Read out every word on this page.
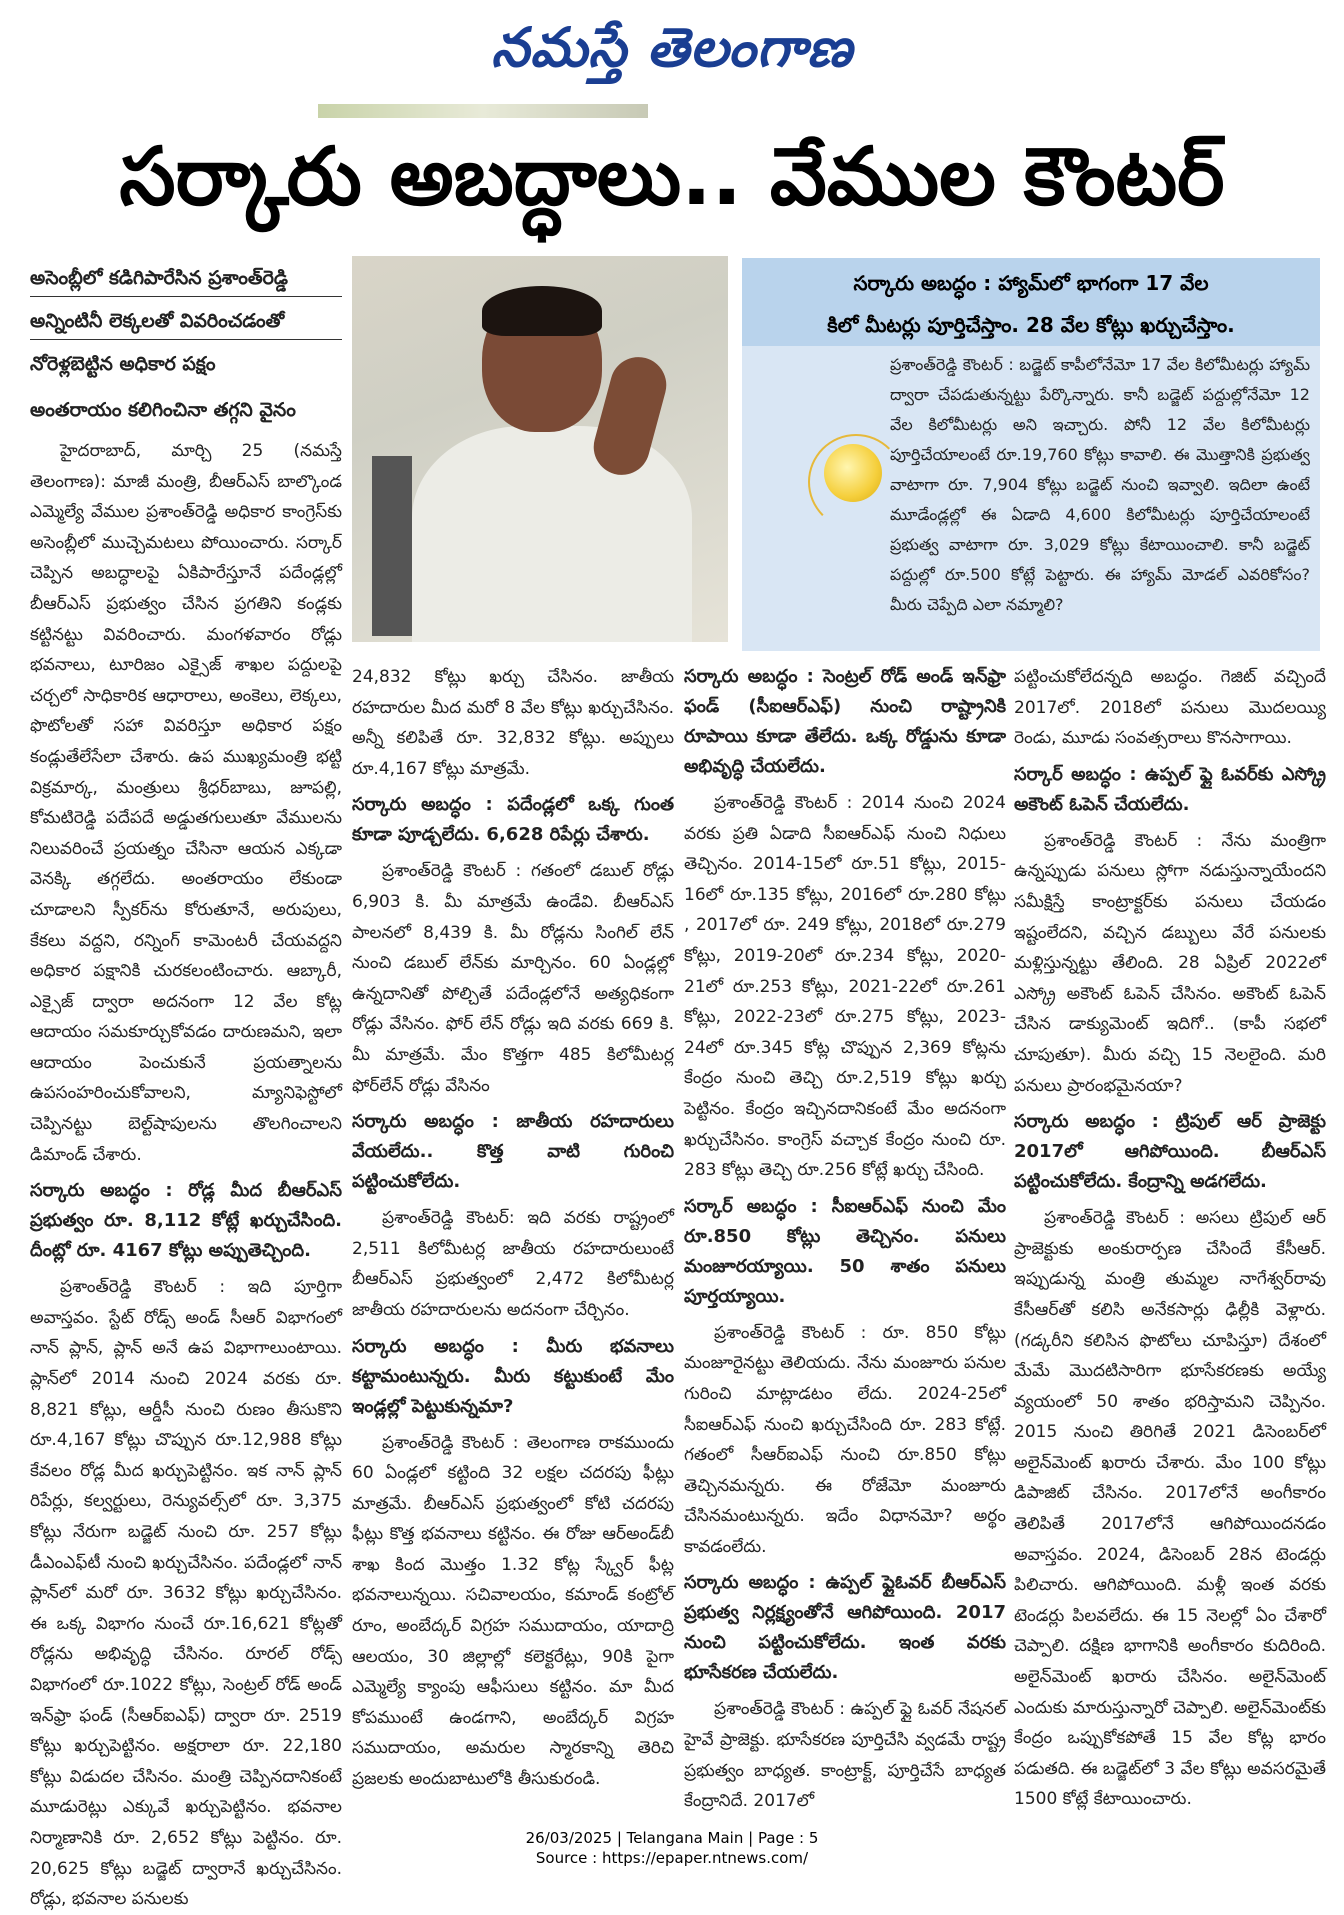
నమస్తే తెలంగాణ
సర్కారు అబద్ధాలు.. వేముల కౌంటర్

అసెంబ్లీలో కడిగిపారేసిన ప్రశాంత్‌రెడ్డి

అన్నింటినీ లెక్కలతో వివరించడంతో

నోరెళ్లబెట్టిన అధికార పక్షం

అంతరాయం కలిగించినా తగ్గని వైనం

హైదరాబాద్‌, మార్చి 25 (నమస్తే తెలంగాణ): మాజీ మంత్రి, బీఆర్‌ఎస్‌ బాల్కొండ ఎమ్మెల్యే వేముల ప్రశాంత్‌రెడ్డి అధికార కాంగ్రెస్‌కు అసెంబ్లీలో ముచ్చెమటలు పోయించారు. సర్కార్‌ చెప్పిన అబద్ధాలపై ఏకిపారేస్తూనే పదేండ్లల్లో బీఆర్‌ఎస్‌ ప్రభుత్వం చేసిన ప్రగతిని కండ్లకు కట్టినట్టు వివరించారు. మంగళవారం రోడ్లు భవనాలు, టూరిజం ఎక్సైజ్‌ శాఖల పద్దులపై చర్చలో సాధికారిక ఆధారాలు, అంకెలు, లెక్కలు, ఫొటోలతో సహా వివరిస్తూ అధికార పక్షం కండ్లుతేలేసేలా చేశారు. ఉప ముఖ్యమంత్రి భట్టి విక్రమార్క, మంత్రులు శ్రీధర్‌బాబు, జూపల్లి, కోమటిరెడ్డి పదేపదే అడ్డుతగులుతూ వేములను నిలువరించే ప్రయత్నం చేసినా ఆయన ఎక్కడా వెనక్కి తగ్గలేదు. అంతరాయం లేకుండా చూడాలని స్పీకర్‌ను కోరుతూనే, అరుపులు, కేకలు వద్దని, రన్నింగ్‌ కామెంటరీ చేయవద్దని అధికార పక్షానికి చురకలంటించారు. ఆబ్కారీ, ఎక్సైజ్‌ ద్వారా అదనంగా 12 వేల కోట్ల ఆదాయం సమకూర్చుకోవడం దారుణమని, ఇలా ఆదాయం పెంచుకునే ప్రయత్నాలను ఉపసంహరించుకోవాలని, మ్యానిఫెస్టోలో చెప్పినట్టు బెల్ట్‌షాపులను తొలగించాలని డిమాండ్‌ చేశారు.

సర్కారు అబద్ధం : రోడ్ల మీద బీఆర్‌ఎస్‌ ప్రభుత్వం రూ. 8,112 కోట్లే ఖర్చుచేసింది. దీంట్లో రూ. 4167 కోట్లు అప్పుతెచ్చింది.

ప్రశాంత్‌రెడ్డి కౌంటర్‌ : ఇది పూర్తిగా అవాస్తవం. స్టేట్‌ రోడ్స్‌ అండ్‌ సీఆర్‌ విభాగంలో నాన్‌ ప్లాన్‌, ప్లాన్‌ అనే ఉప విభాగాలుంటాయి. ప్లాన్‌లో 2014 నుంచి 2024 వరకు రూ. 8,821 కోట్లు, ఆర్డీసీ నుంచి రుణం తీసుకొని రూ.4,167 కోట్లు చొప్పున రూ.12,988 కోట్లు కేవలం రోడ్ల మీద ఖర్చుపెట్టినం. ఇక నాన్‌ ప్లాన్‌ రిపేర్లు, కల్వర్టులు, రెన్యువల్స్‌లో రూ. 3,375 కోట్లు నేరుగా బడ్జెట్‌ నుంచి రూ. 257 కోట్లు డీఎంఎఫ్‌టీ నుంచి ఖర్చుచేసినం. పదేండ్లలో నాన్‌ ప్లాన్‌లో మరో రూ. 3632 కోట్లు ఖర్చుచేసినం. ఈ ఒక్క విభాగం నుంచే రూ.16,621 కోట్లతో రోడ్లను అభివృద్ధి చేసినం. రూరల్‌ రోడ్స్‌ విభాగంలో రూ.1022 కోట్లు, సెంట్రల్‌ రోడ్‌ అండ్‌ ఇన్‌ఫ్రా ఫండ్‌ (సీఆర్‌ఐఎఫ్‌) ద్వారా రూ. 2519 కోట్లు ఖర్చుపెట్టినం. అక్షరాలా రూ. 22,180 కోట్లు విడుదల చేసినం. మంత్రి చెప్పినదానికంటే మూడురెట్లు ఎక్కువే ఖర్చుపెట్టినం. భవనాల నిర్మాణానికి రూ. 2,652 కోట్లు పెట్టినం. రూ. 20,625 కోట్లు బడ్జెట్‌ ద్వారానే ఖర్చుచేసినం. రోడ్లు, భవనాల పనులకు

సర్కారు అబద్ధం : హ్యామ్‌లో భాగంగా 17 వేల

కిలో మీటర్లు పూర్తిచేస్తాం. 28 వేల కోట్లు ఖర్చుచేస్తాం.

ప్రశాంత్‌రెడ్డి కౌంటర్‌ : బడ్జెట్‌ కాపీలోనేమో 17 వేల కిలోమీటర్లు హ్యామ్‌ ద్వారా చేపడుతున్నట్టు పేర్కొన్నారు. కానీ బడ్జెట్‌ పద్దుల్లోనేమో 12 వేల కిలోమీటర్లు అని ఇచ్చారు. పోనీ 12 వేల కిలోమీటర్లు పూర్తిచేయాలంటే రూ.19,760 కోట్లు కావాలి. ఈ మొత్తానికి ప్రభుత్వ వాటాగా రూ. 7,904 కోట్లు బడ్జెట్‌ నుంచి ఇవ్వాలి. ఇదిలా ఉంటే మూడేండ్లల్లో ఈ ఏడాది 4,600 కిలోమీటర్లు పూర్తిచేయాలంటే ప్రభుత్వ వాటాగా రూ. 3,029 కోట్లు కేటాయించాలి. కానీ బడ్జెట్‌ పద్దుల్లో రూ.500 కోట్లే పెట్టారు. ఈ హ్యామ్‌ మోడల్‌ ఎవరికోసం? మీరు చెప్పేది ఎలా నమ్మాలి?

24,832 కోట్లు ఖర్చు చేసినం. జాతీయ రహదారుల మీద మరో 8 వేల కోట్లు ఖర్చుచేసినం. అన్నీ కలిపితే రూ. 32,832 కోట్లు. అప్పులు రూ.4,167 కోట్లు మాత్రమే.

సర్కారు అబద్ధం : పదేండ్లలో ఒక్క గుంత కూడా పూడ్చలేదు. 6,628 రిపేర్లు చేశారు.

ప్రశాంత్‌రెడ్డి కౌంటర్‌ : గతంలో డబుల్‌ రోడ్లు 6,903 కి. మీ మాత్రమే ఉండేవి. బీఆర్‌ఎస్‌ పాలనలో 8,439 కి. మీ రోడ్లను సింగిల్‌ లేన్‌ నుంచి డబుల్‌ లేన్‌కు మార్చినం. 60 ఏండ్లల్లో ఉన్నదానితో పోల్చితే పదేండ్లలోనే అత్యధికంగా రోడ్లు వేసినం. ఫోర్‌ లేన్‌ రోడ్లు ఇది వరకు 669 కి. మీ మాత్రమే. మేం కొత్తగా 485 కిలోమీటర్ల ఫోర్‌లేన్‌ రోడ్లు వేసినం

సర్కారు అబద్ధం : జాతీయ రహదారులు వేయలేదు.. కొత్త వాటి గురించి పట్టించుకోలేదు.

ప్రశాంత్‌రెడ్డి కౌంటర్‌: ఇది వరకు రాష్ట్రంలో 2,511 కిలోమీటర్ల జాతీయ రహదారులుంటే బీఆర్‌ఎస్‌ ప్రభుత్వంలో 2,472 కిలోమీటర్ల జాతీయ రహదారులను అదనంగా చేర్చినం.

సర్కారు అబద్ధం : మీరు భవనాలు కట్టామంటున్నరు. మీరు కట్టుకుంటే మేం ఇండ్లల్లో పెట్టుకున్నమా?

ప్రశాంత్‌రెడ్డి కౌంటర్‌ : తెలంగాణ రాకముందు 60 ఏండ్లలో కట్టింది 32 లక్షల చదరపు ఫీట్లు మాత్రమే. బీఆర్‌ఎస్‌ ప్రభుత్వంలో కోటి చదరపు ఫీట్లు కొత్త భవనాలు కట్టినం. ఈ రోజు ఆర్‌అండ్‌బీ శాఖ కింద మొత్తం 1.32 కోట్ల స్క్వేర్‌ ఫీట్ల భవనాలున్నయి. సచివాలయం, కమాండ్‌ కంట్రోల్‌ రూం, అంబేద్కర్‌ విగ్రహ సముదాయం, యాదాద్రి ఆలయం, 30 జిల్లాల్లో కలెక్టరేట్లు, 90కి పైగా ఎమ్మెల్యే క్యాంపు ఆఫీసులు కట్టినం. మా మీద కోపముంటే ఉండగాని, అంబేద్కర్‌ విగ్రహ సముదాయం, అమరుల స్మారకాన్ని తెరిచి ప్రజలకు అందుబాటులోకి తీసుకురండి.

సర్కారు అబద్ధం : సెంట్రల్‌ రోడ్‌ అండ్‌ ఇన్‌ఫ్రా ఫండ్‌ (సీఐఆర్‌ఎఫ్‌) నుంచి రాష్ట్రానికి రూపాయి కూడా తేలేదు. ఒక్క రోడ్డును కూడా అభివృద్ధి చేయలేదు.

ప్రశాంత్‌రెడ్డి కౌంటర్‌ : 2014 నుంచి 2024 వరకు ప్రతి ఏడాది సీఐఆర్‌ఎఫ్‌ నుంచి నిధులు తెచ్చినం. 2014-15లో రూ.51 కోట్లు, 2015-16లో రూ.135 కోట్లు, 2016లో రూ.280 కోట్లు , 2017లో రూ. 249 కోట్లు, 2018లో రూ.279 కోట్లు, 2019-20లో రూ.234 కోట్లు, 2020-21లో రూ.253 కోట్లు, 2021-22లో రూ.261 కోట్లు, 2022-23లో రూ.275 కోట్లు, 2023-24లో రూ.345 కోట్ల చొప్పున 2,369 కోట్లను కేంద్రం నుంచి తెచ్చి రూ.2,519 కోట్లు ఖర్చు పెట్టినం. కేంద్రం ఇచ్చినదానికంటే మేం అదనంగా ఖర్చుచేసినం. కాంగ్రెస్‌ వచ్చాక కేంద్రం నుంచి రూ. 283 కోట్లు తెచ్చి రూ.256 కోట్లే ఖర్చు చేసింది.

సర్కార్‌ అబద్ధం : సీఐఆర్‌ఎఫ్‌ నుంచి మేం రూ.850 కోట్లు తెచ్చినం. పనులు మంజూరయ్యాయి. 50 శాతం పనులు పూర్తయ్యాయి.

ప్రశాంత్‌రెడ్డి కౌంటర్‌ : రూ. 850 కోట్లు మంజూరైనట్టు తెలియదు. నేను మంజూరు పనుల గురించి మాట్లాడటం లేదు. 2024-25లో సీఐఆర్‌ఎఫ్‌ నుంచి ఖర్చుచేసింది రూ. 283 కోట్లే. గతంలో సీఆర్‌ఐఎఫ్‌ నుంచి రూ.850 కోట్లు తెచ్చినమన్నరు. ఈ రోజేమో మంజూరు చేసినమంటున్నరు. ఇదేం విధానమో? అర్థం కావడంలేదు.

సర్కారు అబద్ధం : ఉప్పల్‌ ఫ్లైఓవర్‌ బీఆర్‌ఎస్‌ ప్రభుత్వ నిర్లక్ష్యంతోనే ఆగిపోయింది. 2017 నుంచి పట్టించుకోలేదు. ఇంత వరకు భూసేకరణ చేయలేదు.

ప్రశాంత్‌రెడ్డి కౌంటర్‌ : ఉప్పల్‌ ఫ్లై ఓవర్‌ నేషనల్‌ హైవే ప్రాజెక్టు. భూసేకరణ పూర్తిచేసి వ్వడమే రాష్ట్ర ప్రభుత్వం బాధ్యత. కాంట్రాక్ట్‌, పూర్తిచేసే బాధ్యత కేంద్రానిదే. 2017లో

పట్టించుకోలేదన్నది అబద్ధం. గెజిట్‌ వచ్చిందే 2017లో. 2018లో పనులు మొదలయ్యి రెండు, మూడు సంవత్సరాలు కొనసాగాయి.

సర్కార్‌ అబద్ధం : ఉప్పల్‌ ఫ్లై ఓవర్‌కు ఎస్క్రో అకౌంట్‌ ఓపెన్‌ చేయలేదు.

ప్రశాంత్‌రెడ్డి కౌంటర్‌ : నేను మంత్రిగా ఉన్నప్పుడు పనులు స్లోగా నడుస్తున్నాయేందని సమీక్షిస్తే కాంట్రాక్టర్‌కు పనులు చేయడం ఇష్టంలేదని, వచ్చిన డబ్బులు వేరే పనులకు మళ్లిస్తున్నట్టు తేలింది. 28 ఏప్రిల్‌ 2022లో ఎస్క్రో అకౌంట్‌ ఓపెన్‌ చేసినం. అకౌంట్‌ ఓపెన్‌ చేసిన డాక్యుమెంట్‌ ఇదిగో.. (కాపీ సభలో చూపుతూ). మీరు వచ్చి 15 నెలలైంది. మరి పనులు ప్రారంభమైనయా?

సర్కారు అబద్ధం : ట్రిపుల్‌ ఆర్‌ ప్రాజెక్టు 2017లో ఆగిపోయింది. బీఆర్‌ఎస్‌ పట్టించుకోలేదు. కేంద్రాన్ని అడగలేదు.

ప్రశాంత్‌రెడ్డి కౌంటర్‌ : అసలు ట్రిపుల్‌ ఆర్‌ ప్రాజెక్టుకు అంకురార్పణ చేసిందే కేసీఆర్‌. ఇప్పుడున్న మంత్రి తుమ్మల నాగేశ్వర్‌రావు కేసీఆర్‌తో కలిసి అనేకసార్లు ఢిల్లీకి వెళ్లారు. (గడ్కరీని కలిసిన ఫొటోలు చూపిస్తూ) దేశంలో మేమే మొదటిసారిగా భూసేకరణకు అయ్యే వ్యయంలో 50 శాతం భరిస్తామని చెప్పినం. 2015 నుంచి తిరిగితే 2021 డిసెంబర్‌లో అలైన్‌మెంట్‌ ఖరారు చేశారు. మేం 100 కోట్లు డిపాజిట్‌ చేసినం. 2017లోనే అంగీకారం తెలిపితే 2017లోనే ఆగిపోయిందనడం అవాస్తవం. 2024, డిసెంబర్‌ 28న టెండర్లు పిలిచారు. ఆగిపోయింది. మళ్లీ ఇంత వరకు టెండర్లు పిలవలేదు. ఈ 15 నెలల్లో ఏం చేశారో చెప్పాలి. దక్షిణ భాగానికి అంగీకారం కుదిరింది. అలైన్‌మెంట్‌ ఖరారు చేసినం. అలైన్‌మెంట్‌ ఎందుకు మారుస్తున్నారో చెప్పాలి. అలైన్‌మెంట్‌కు కేంద్రం ఒప్పుకోకపోతే 15 వేల కోట్ల భారం పడుతది. ఈ బడ్జెట్‌లో 3 వేల కోట్లు అవసరమైతే 1500 కోట్లే కేటాయించారు.

26/03/2025 | Telangana Main | Page : 5
Source : https://epaper.ntnews.com/
